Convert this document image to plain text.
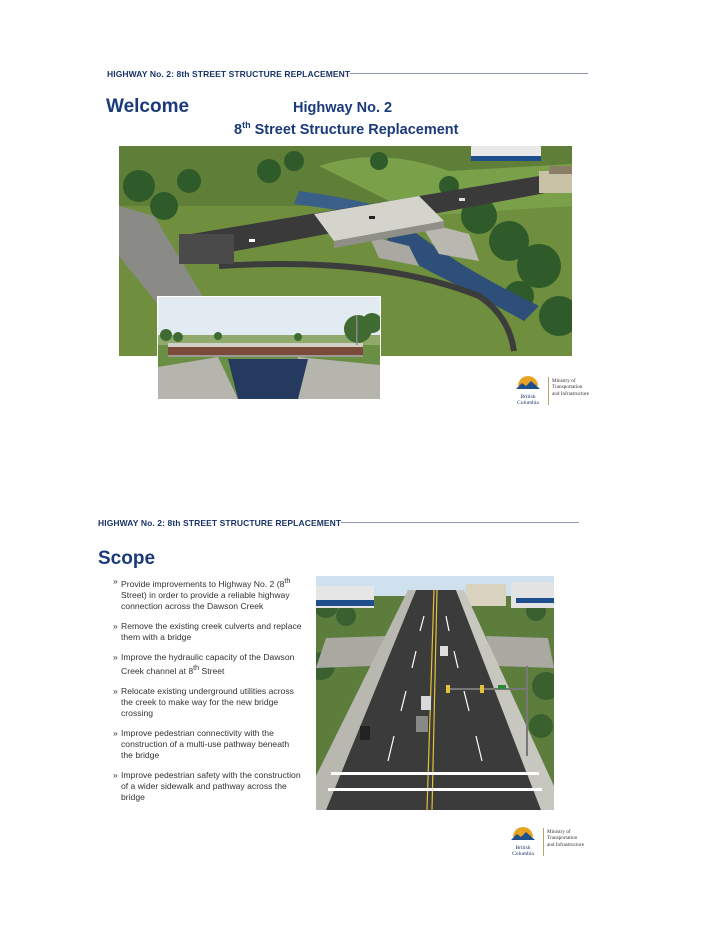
HIGHWAY No. 2: 8th STREET STRUCTURE REPLACEMENT
Welcome	Highway No. 2
8th Street Structure Replacement
British
Columbia
Ministry of
Transportation
and Infrastructure
HIGHWAY No. 2: 8th STREET STRUCTURE REPLACEMENT
Scope
» Provide improvements to Highway No. 2 (8th Street) in order to provide a reliable highway connection across the Dawson Creek
» Remove the existing creek culverts and replace them with a bridge
» Improve the hydraulic capacity of the Dawson Creek channel at 8th Street
» Relocate existing underground utilities across the creek to make way for the new bridge crossing
» Improve pedestrian connectivity with the construction of a multi-use pathway beneath the bridge
» Improve pedestrian safety with the construction of a wider sidewalk and pathway across the bridge
British
Columbia
Ministry of
Transportation
and Infrastructure
